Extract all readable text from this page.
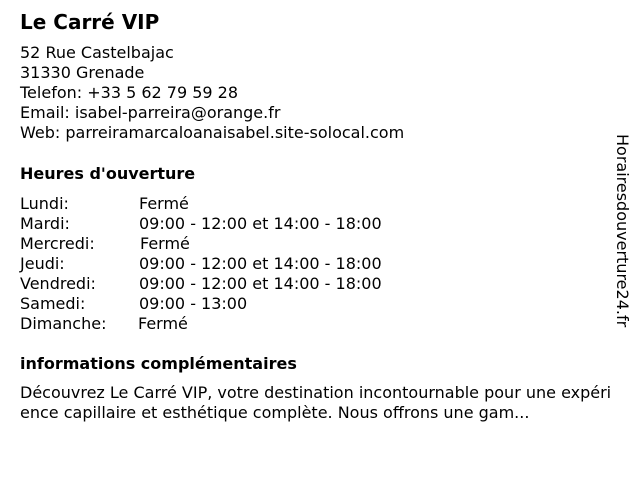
Le Carré VIP
52 Rue Castelbajac
31330 Grenade
Telefon: +33 5 62 79 59 28
Email: isabel-parreira@orange.fr
Web: parreiramarcaloanaisabel.site-solocal.com
Heures d'ouverture
Lundi:	Fermé
Mardi:	09:00 - 12:00 et 14:00 - 18:00
Mercredi:	Fermé
Jeudi:	09:00 - 12:00 et 14:00 - 18:00
Vendredi:	09:00 - 12:00 et 14:00 - 18:00
Samedi:	09:00 - 13:00
Dimanche: Fermé
informations complémentaires

Découvrez Le Carré VIP, votre destination incontournable pour une expérience capillaire et esthétique complète. Nous offrons une gam...

Horairesdouverture24.fr
